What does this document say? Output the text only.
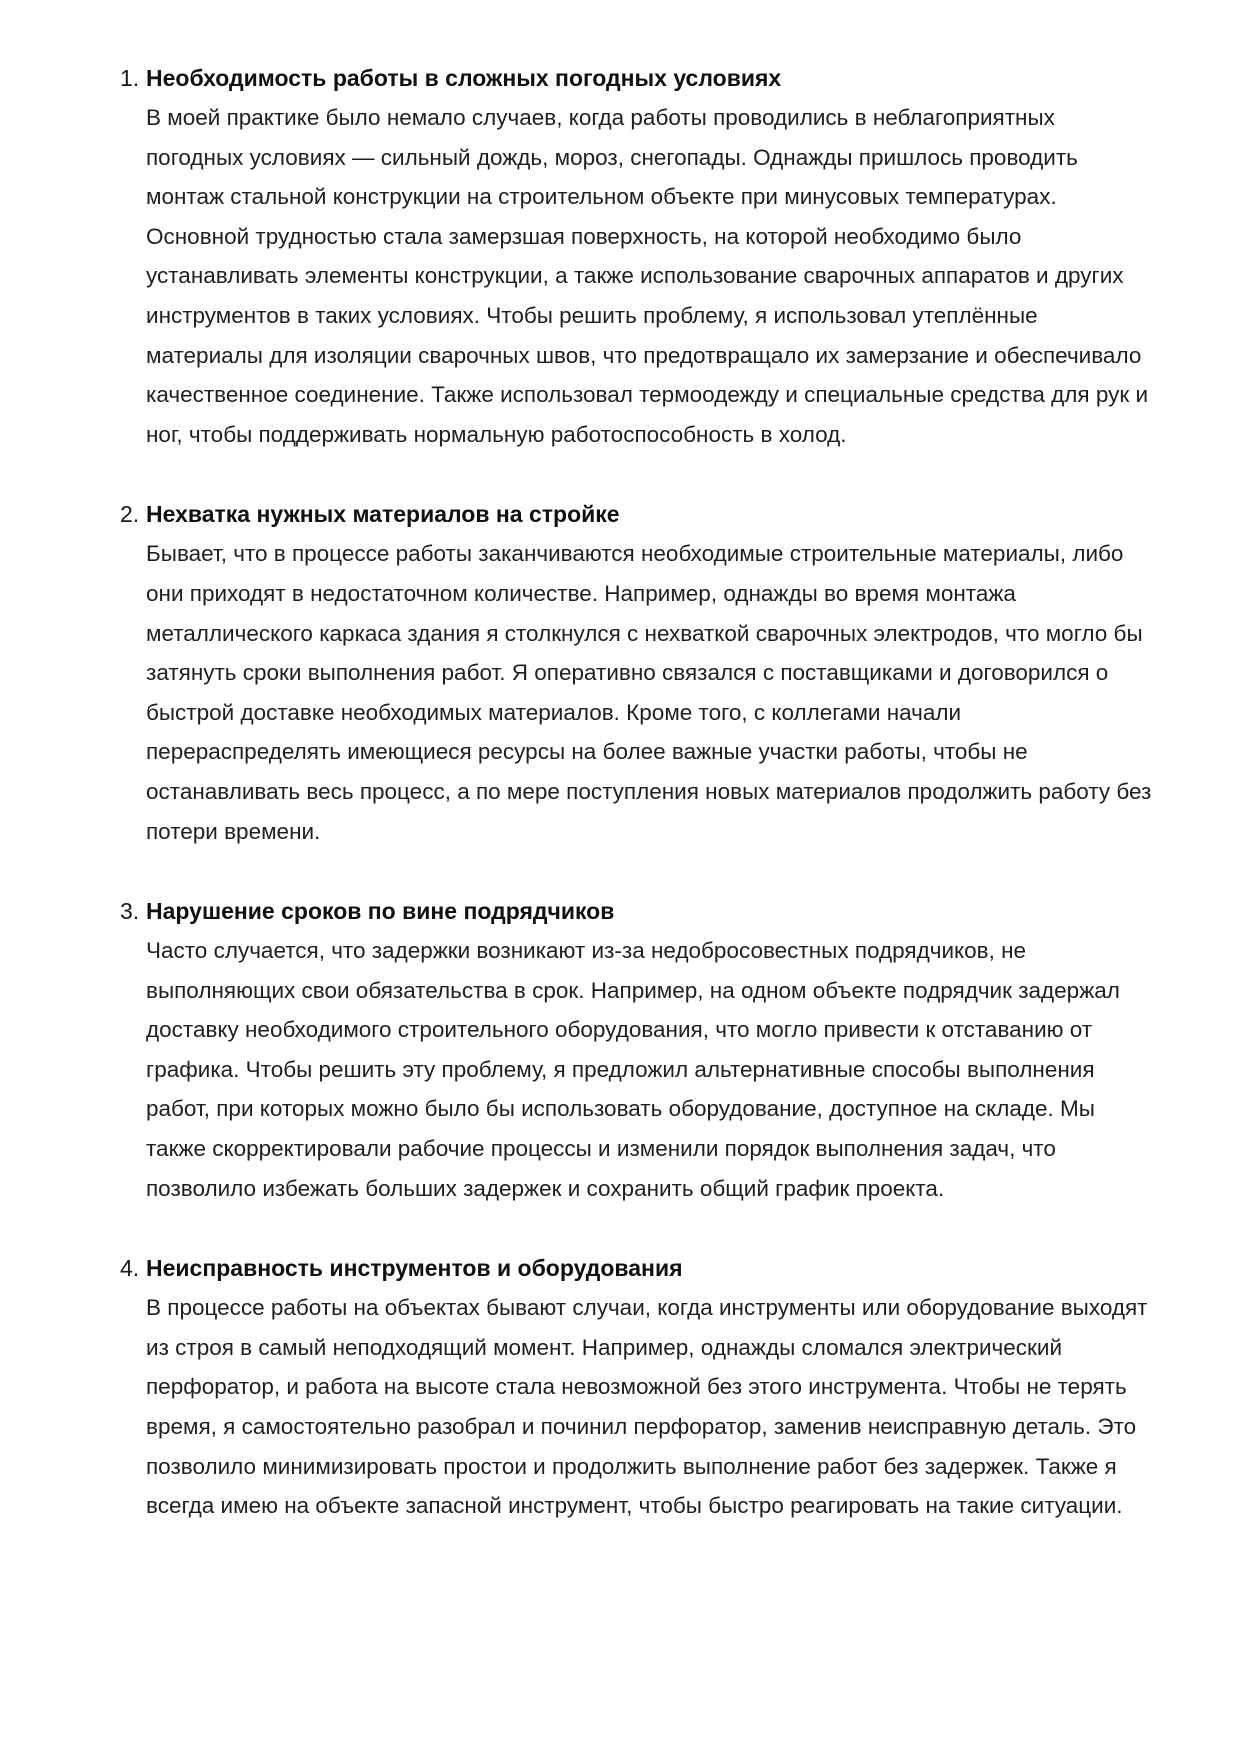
1. Необходимость работы в сложных погодных условиях
В моей практике было немало случаев, когда работы проводились в неблагоприятных погодных условиях — сильный дождь, мороз, снегопады. Однажды пришлось проводить монтаж стальной конструкции на строительном объекте при минусовых температурах. Основной трудностью стала замерзшая поверхность, на которой необходимо было устанавливать элементы конструкции, а также использование сварочных аппаратов и других инструментов в таких условиях. Чтобы решить проблему, я использовал утеплённые материалы для изоляции сварочных швов, что предотвращало их замерзание и обеспечивало качественное соединение. Также использовал термоодежду и специальные средства для рук и ног, чтобы поддерживать нормальную работоспособность в холод.
2. Нехватка нужных материалов на стройке
Бывает, что в процессе работы заканчиваются необходимые строительные материалы, либо они приходят в недостаточном количестве. Например, однажды во время монтажа металлического каркаса здания я столкнулся с нехваткой сварочных электродов, что могло бы затянуть сроки выполнения работ. Я оперативно связался с поставщиками и договорился о быстрой доставке необходимых материалов. Кроме того, с коллегами начали перераспределять имеющиеся ресурсы на более важные участки работы, чтобы не останавливать весь процесс, а по мере поступления новых материалов продолжить работу без потери времени.
3. Нарушение сроков по вине подрядчиков
Часто случается, что задержки возникают из-за недобросовестных подрядчиков, не выполняющих свои обязательства в срок. Например, на одном объекте подрядчик задержал доставку необходимого строительного оборудования, что могло привести к отставанию от графика. Чтобы решить эту проблему, я предложил альтернативные способы выполнения работ, при которых можно было бы использовать оборудование, доступное на складе. Мы также скорректировали рабочие процессы и изменили порядок выполнения задач, что позволило избежать больших задержек и сохранить общий график проекта.
4. Неисправность инструментов и оборудования
В процессе работы на объектах бывают случаи, когда инструменты или оборудование выходят из строя в самый неподходящий момент. Например, однажды сломался электрический перфоратор, и работа на высоте стала невозможной без этого инструмента. Чтобы не терять время, я самостоятельно разобрал и починил перфоратор, заменив неисправную деталь. Это позволило минимизировать простои и продолжить выполнение работ без задержек. Также я всегда имею на объекте запасной инструмент, чтобы быстро реагировать на такие ситуации.
